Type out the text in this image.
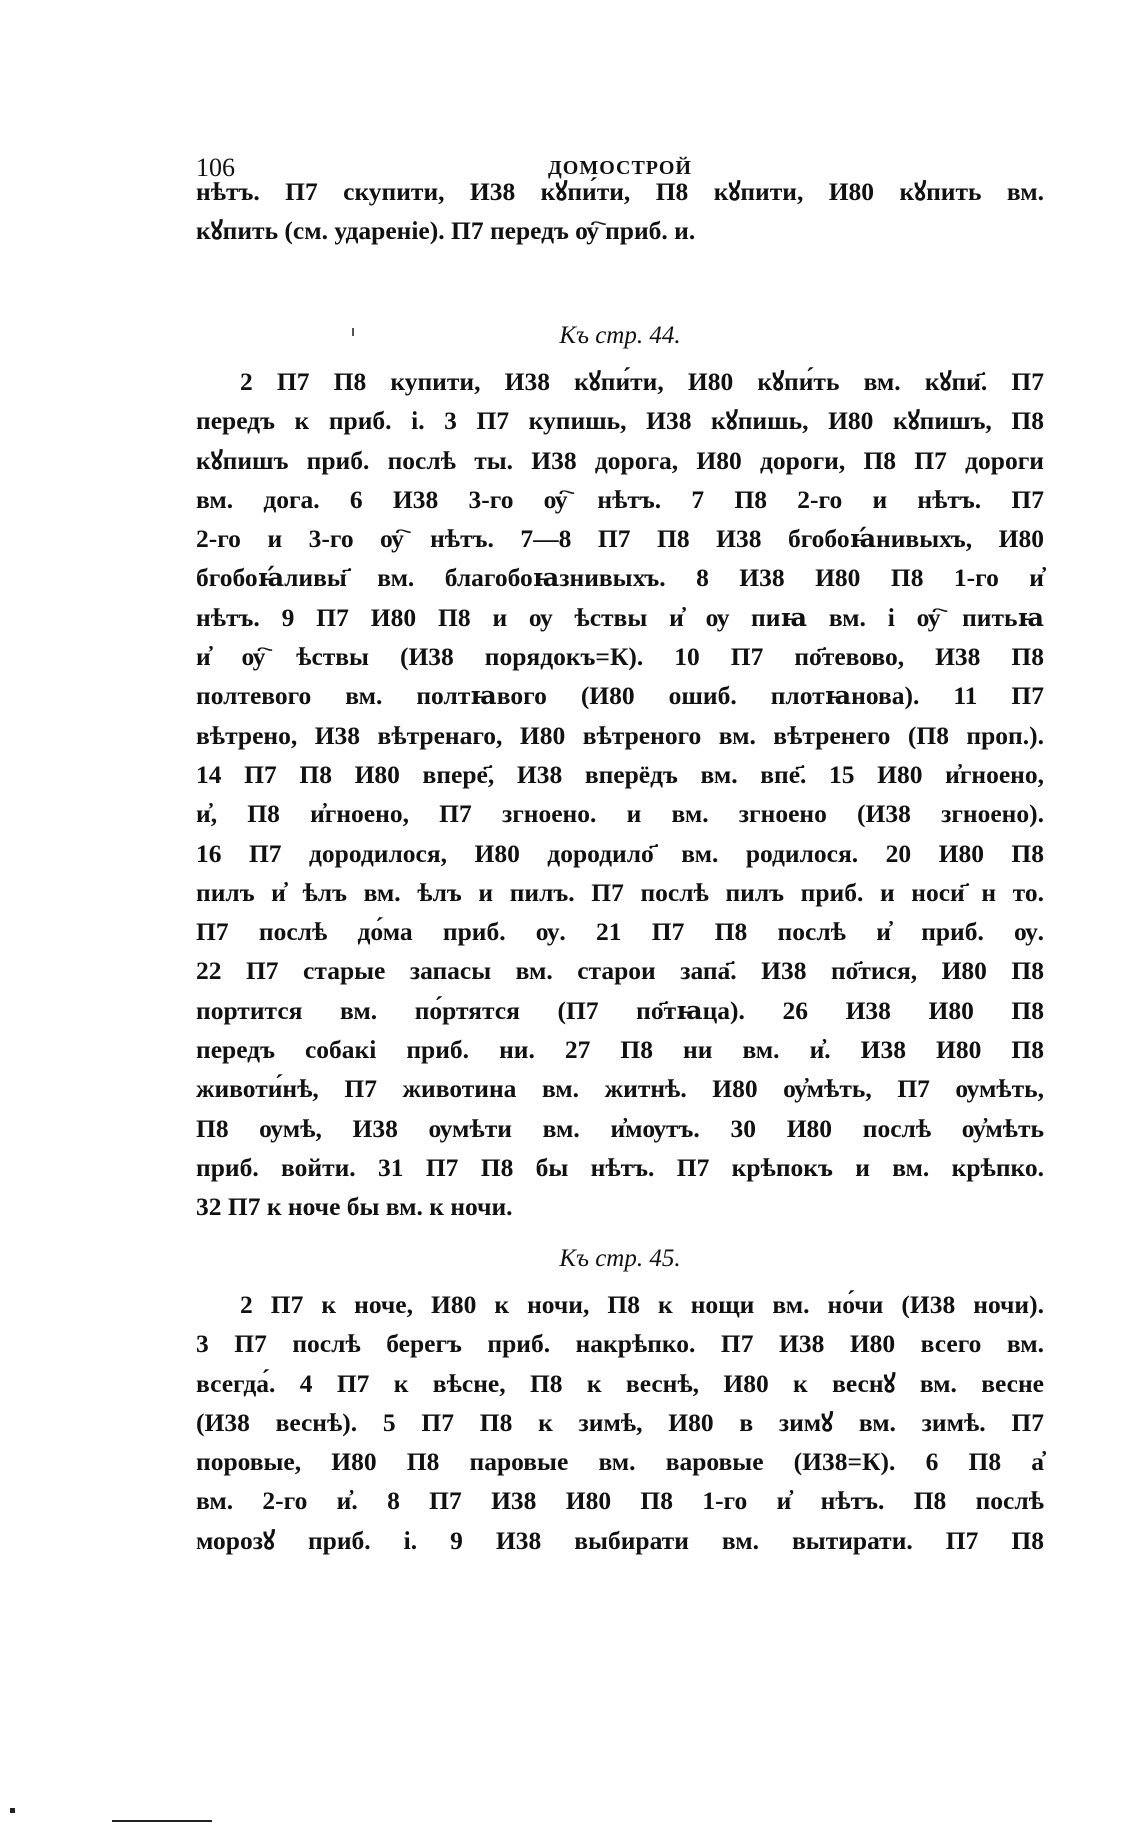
106	ДОМОСТРОЙ
нѣтъ. П7 скупити, И38 кꙋпи́ти, П8 кꙋпити, И80 кꙋпить вм.
кꙋпить (см. удареніе). П7 передъ ѹ҇ приб. и.
Къ стр. 44.
2 П7 П8 купити, И38 кꙋпи́ти, И80 кꙋпи́ть вм. кꙋпи҃. П7
передъ к приб. і. 3 П7 купишь, И38 кꙋпишь, И80 кꙋпишъ, П8
кꙋпишъ приб. послѣ ты. И38 дорога, И80 дороги, П8 П7 дороги
вм. дога. 6 И38 3-го ѹ҇ нѣтъ. 7 П8 2-го и нѣтъ. П7
2-го и 3-го ѹ҇ нѣтъ. 7—8 П7 П8 И38 бгобоꙗ́нивыхъ, И80
бгобоꙗ́ливы҃ вм. благобоꙗзнивыхъ. 8 И38 И80 П8 1-го и҆
нѣтъ. 9 П7 И80 П8 и ѹ ѣствы и҆ ѹ пиꙗ вм. і ѹ҇ питьꙗ
и҆ ѹ҇ ѣствы (И38 порядокъ=К). 10 П7 по҃тевово, И38 П8
полтевого вм. полтꙗвого (И80 ошиб. плотꙗнова). 11 П7
вѣтрено, И38 вѣтренаго, И80 вѣтреного вм. вѣтренего (П8 проп.).
14 П7 П8 И80 впере҃, И38 вперёдъ вм. впе҃. 15 И80 и҆гноено,
и҆, П8 и҆гноено, П7 згноено. и вм. згноено (И38 згноено).
16 П7 дородилося, И80 дородило҃ вм. родилося. 20 И80 П8
пилъ и҆ ѣлъ вм. ѣлъ и пилъ. П7 послѣ пилъ приб. и носи҃ н то.
П7 послѣ до́ма приб. ѹ. 21 П7 П8 послѣ и҆ приб. ѹ.
22 П7 старые запасы вм. старои запа҃. И38 по҃тися, И80 П8
портится вм. по́ртятся (П7 по҃тꙗца). 26 И38 И80 П8
передъ собакі приб. ни. 27 П8 ни вм. и҆. И38 И80 П8
животи́нѣ, П7 животина вм. житнѣ. И80 ѹ҆мѣть, П7 ѹмѣть,
П8 ѹмѣ, И38 ѹмѣти вм. и҆мѹтъ. 30 И80 послѣ ѹ҆мѣть
приб. войти. 31 П7 П8 бы нѣтъ. П7 крѣпокъ и вм. крѣпко.
32 П7 к ноче бы вм. к ночи.
Къ стр. 45.
2 П7 к ноче, И80 к ночи, П8 к нощи вм. но́чи (И38 ночи).
3 П7 послѣ берегъ приб. накрѣпко. П7 И38 И80 всего вм.
всегда́. 4 П7 к вѣсне, П8 к веснѣ, И80 к веснꙋ вм. весне
(И38 веснѣ). 5 П7 П8 к зимѣ, И80 в зимꙋ вм. зимѣ. П7
поровые, И80 П8 паровые вм. варовые (И38=К). 6 П8 а҆
вм. 2-го и҆. 8 П7 И38 И80 П8 1-го и҆ нѣтъ. П8 послѣ
морозꙋ приб. і. 9 И38 выбирати вм. вытирати. П7 П8
